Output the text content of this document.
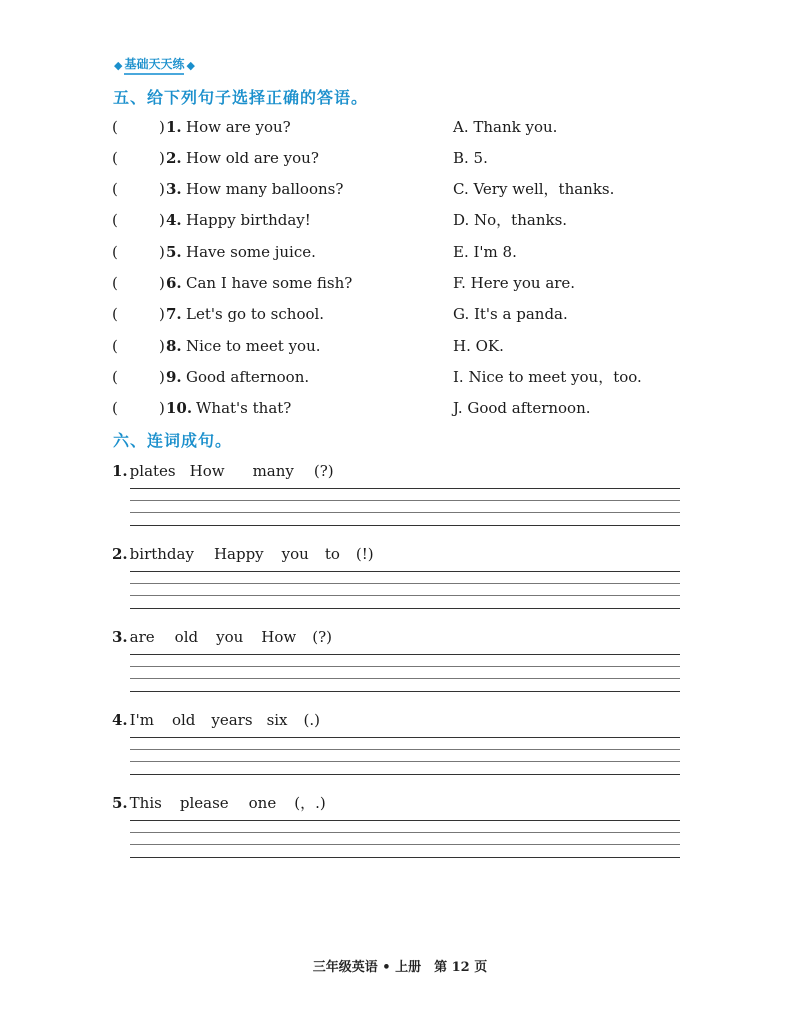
◆ 基础天天练 ◆
五、给下列句子选择正确的答语。
(	) 1. How are you?	A. Thank you.
(	) 2. How old are you?	B. 5.
(	) 3. How many balloons?	C. Very well，thanks.
(	) 4. Happy birthday!	D. No，thanks.
(	) 5. Have some juice.	E. I'm 8.
(	) 6. Can I have some fish?	F. Here you are.
(	) 7. Let's go to school.	G. It's a panda.
(	) 8. Nice to meet you.	H. OK.
(	) 9. Good afternoon.	I. Nice to meet you，too.
(	) 10. What's that?	J. Good afternoon.
六、连词成句。
1. plates How many (?)
2. birthday Happy you to (!)
3. are old you How (?)
4. I'm old years six (.)
5. This please one (，.)
三年级英语 • 上册　第 12 页
